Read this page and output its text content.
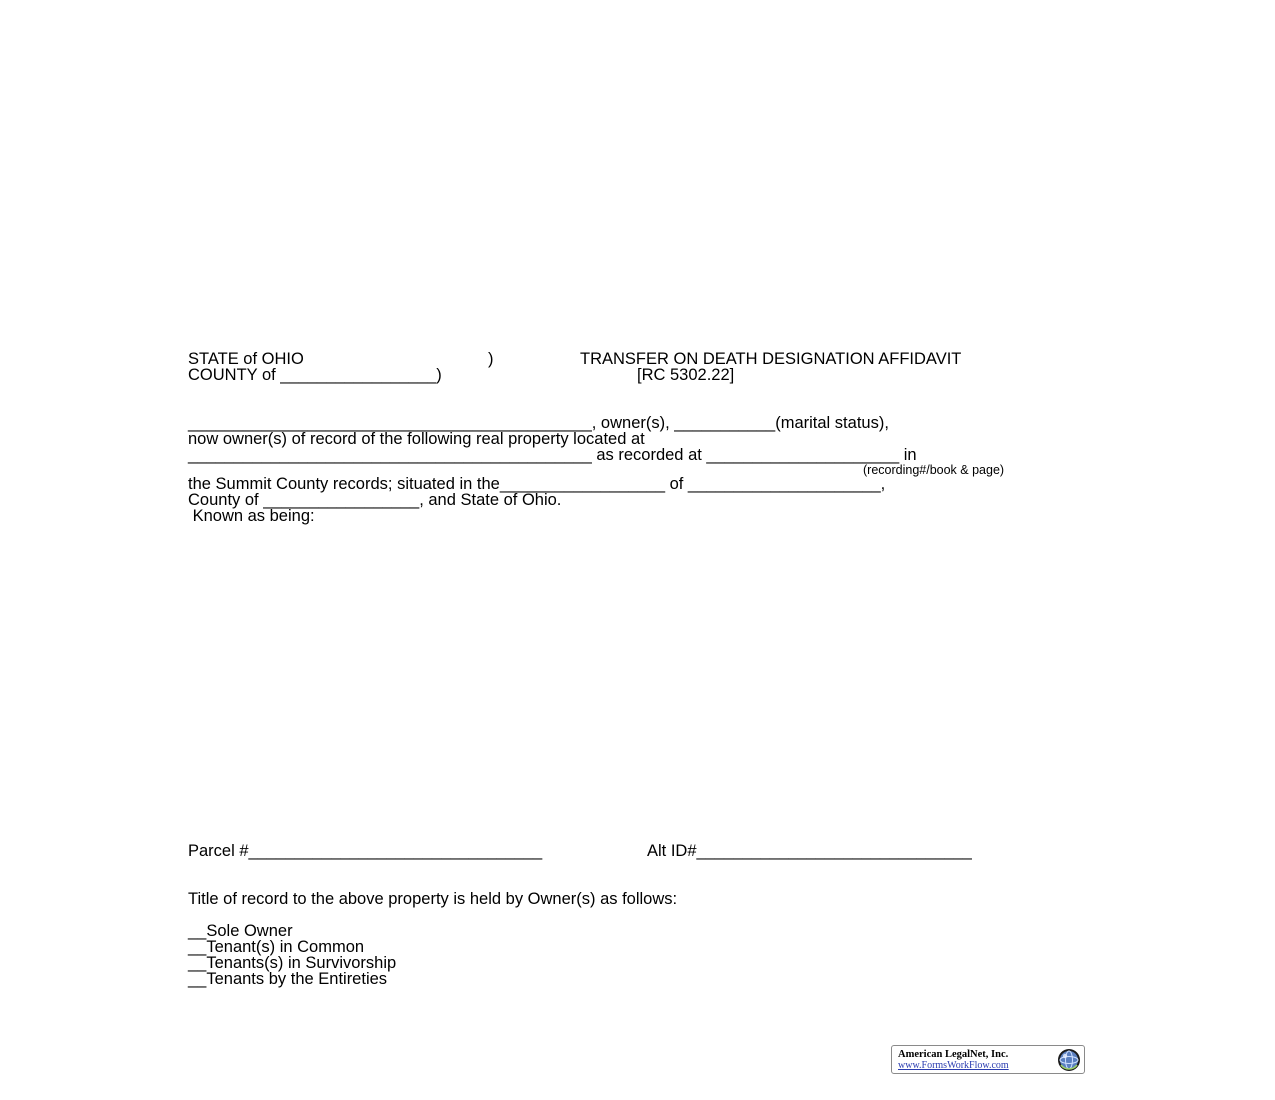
STATE of OHIO	)
COUNTY of _________________)
TRANSFER ON DEATH DESIGNATION AFFIDAVIT
[RC 5302.22]
____________________________________________, owner(s), ___________(marital status),
now owner(s) of record of the following real property located at
____________________________________________ as recorded at _____________________ in
(recording#/book & page)
the Summit County records; situated in the__________________ of _____________________,
County of _________________, and State of Ohio.
Known as being:
Parcel #________________________________	Alt ID#______________________________
Title of record to the above property is held by Owner(s) as follows:
__Sole Owner
__Tenant(s) in Common
__Tenants(s) in Survivorship
__Tenants by the Entireties
American LegalNet, Inc.
www.FormsWorkFlow.com
